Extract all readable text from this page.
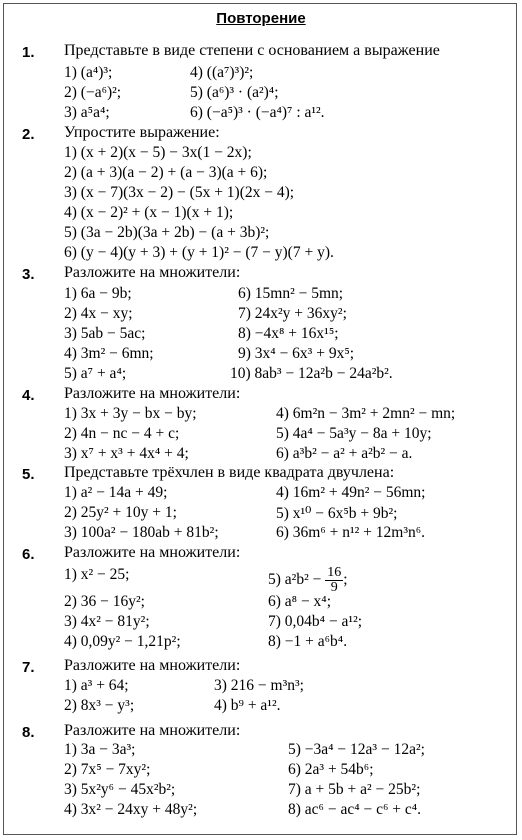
Повторение
1. Представьте в виде степени с основанием a выражение
1) (a⁴)³;	4) ((a⁷)³)²;
2) (−a⁶)²;	5) (a⁶)³ · (a²)⁴;
3) a⁵a⁴;	6) (−a⁵)³ · (−a⁴)⁷ : a¹².
2. Упростите выражение:
1) (x + 2)(x − 5) − 3x(1 − 2x);
2) (a + 3)(a − 2) + (a − 3)(a + 6);
3) (x − 7)(3x − 2) − (5x + 1)(2x − 4);
4) (x − 2)² + (x − 1)(x + 1);
5) (3a − 2b)(3a + 2b) − (a + 3b)²;
6) (y − 4)(y + 3) + (y + 1)² − (7 − y)(7 + y).
3. Разложите на множители:
1) 6a − 9b;	6) 15mn² − 5mn;
2) 4x − xy;	7) 24x²y + 36xy²;
3) 5ab − 5ac;	8) −4x⁸ + 16x¹⁵;
4) 3m² − 6mn;	9) 3x⁴ − 6x³ + 9x⁵;
5) a⁷ + a⁴;	10) 8ab³ − 12a²b − 24a²b².
4. Разложите на множители:
1) 3x + 3y − bx − by;	4) 6m²n − 3m² + 2mn² − mn;
2) 4n − nc − 4 + c;	5) 4a⁴ − 5a³y − 8a + 10y;
3) x⁷ + x³ + 4x⁴ + 4;	6) a³b² − a² + a²b² − a.
5. Представьте трёхчлен в виде квадрата двучлена:
1) a² − 14a + 49;	4) 16m² + 49n² − 56mn;
2) 25y² + 10y + 1;	5) x¹⁰ − 6x⁵b + 9b²;
3) 100a² − 180ab + 81b²;	6) 36m⁶ + n¹² + 12m³n⁶.
6. Разложите на множители:
1) x² − 25;	5) $a^2b^2 - \frac{16}{9}$ ;
2) 36 − 16y²;	6) a⁸ − x⁴;
3) 4x² − 81y²;	7) 0,04b⁴ − a¹²;
4) 0,09y² − 1,21p²;	8) −1 + a⁶b⁴.
7. Разложите на множители:
1) a³ + 64;	3) 216 − m³n³;
2) 8x³ − y³;	4) b⁹ + a¹².
8. Разложите на множители:
1) 3a − 3a³;	5) −3a⁴ − 12a³ − 12a²;
2) 7x⁵ − 7xy²;	6) 2a³ + 54b⁶;
3) 5x²y⁶ − 45x²b²;	7) a + 5b + a² − 25b²;
4) 3x² − 24xy + 48y²;	8) ac⁶ − ac⁴ − c⁶ + c⁴.
